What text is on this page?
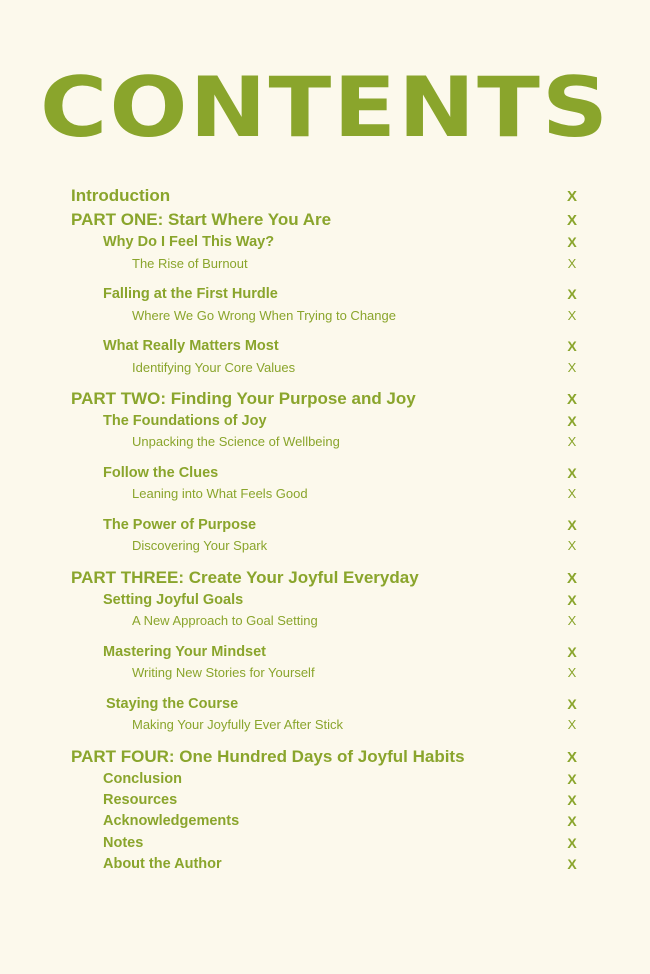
CONTENTS
Introduction	X
PART ONE: Start Where You Are	X
Why Do I Feel This Way?	X
The Rise of Burnout	X
Falling at the First Hurdle	X
Where We Go Wrong When Trying to Change	X
What Really Matters Most	X
Identifying Your Core Values	X
PART TWO: Finding Your Purpose and Joy	X
The Foundations of Joy	X
Unpacking the Science of Wellbeing	X
Follow the Clues	X
Leaning into What Feels Good	X
The Power of Purpose	X
Discovering Your Spark	X
PART THREE: Create Your Joyful Everyday	X
Setting Joyful Goals	X
A New Approach to Goal Setting	X
Mastering Your Mindset	X
Writing New Stories for Yourself	X
Staying the Course	X
Making Your Joyfully Ever After Stick	X
PART FOUR: One Hundred Days of Joyful Habits	X
Conclusion	X
Resources	X
Acknowledgements	X
Notes	X
About the Author	X
